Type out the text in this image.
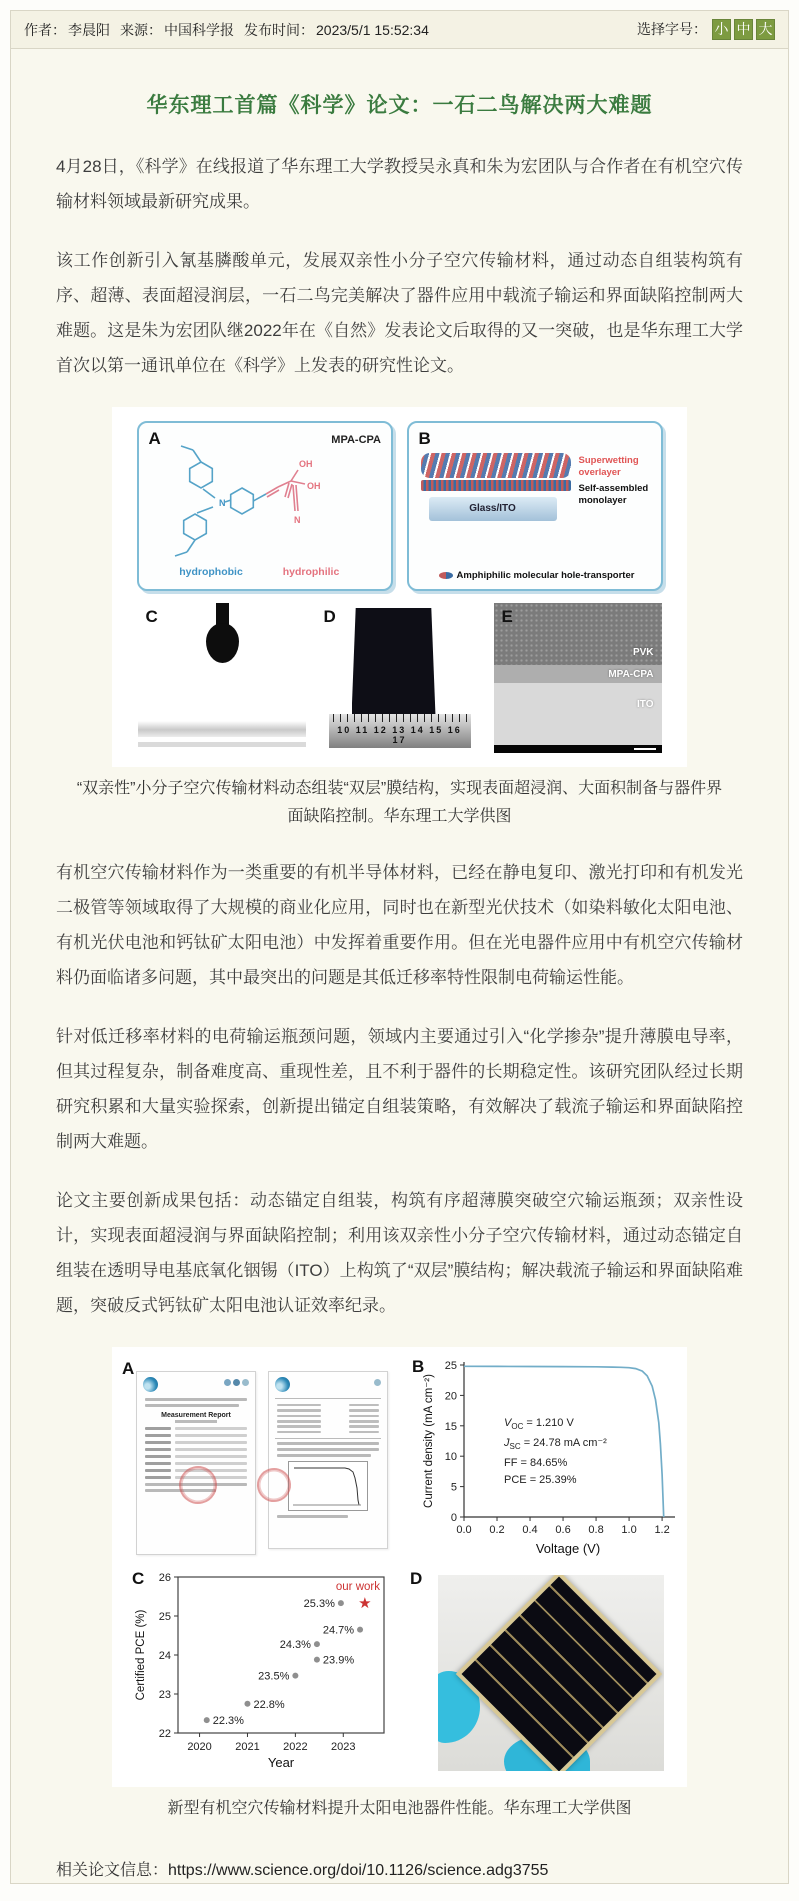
作者： 李晨阳 来源： 中国科学报 发布时间： 2023/5/1 15:52:34	选择字号： 小 中 大
华东理工首篇《科学》论文：一石二鸟解决两大难题

4月28日，《科学》在线报道了华东理工大学教授吴永真和朱为宏团队与合作者在有机空穴传输材料领域最新研究成果。

该工作创新引入氰基膦酸单元，发展双亲性小分子空穴传输材料，通过动态自组装构筑有序、超薄、表面超浸润层，一石二鸟完美解决了器件应用中载流子输运和界面缺陷控制两大难题。这是朱为宏团队继2022年在《自然》发表论文后取得的又一突破，也是华东理工大学首次以第一通讯单位在《科学》上发表的研究性论文。

A	MPA-CPA
N
OH
OH
N
hydrophobic	hydrophilic
B
Glass/ITO
Superwetting overlayer
Self-assembled monolayer
Amphiphilic molecular hole-transporter
C	D
10 11 12 13 14 15 16 17
E
PVK
MPA-CPA
ITO
“双亲性”小分子空穴传输材料动态组装“双层”膜结构，实现表面超浸润、大面积制备与器件界面缺陷控制。华东理工大学供图

有机空穴传输材料作为一类重要的有机半导体材料，已经在静电复印、激光打印和有机发光二极管等领域取得了大规模的商业化应用，同时也在新型光伏技术（如染料敏化太阳电池、有机光伏电池和钙钛矿太阳电池）中发挥着重要作用。但在光电器件应用中有机空穴传输材料仍面临诸多问题，其中最突出的问题是其低迁移率特性限制电荷输运性能。

针对低迁移率材料的电荷输运瓶颈问题，领域内主要通过引入“化学掺杂”提升薄膜电导率，但其过程复杂，制备难度高、重现性差，且不利于器件的长期稳定性。该研究团队经过长期研究积累和大量实验探索，创新提出锚定自组装策略，有效解决了载流子输运和界面缺陷控制两大难题。

论文主要创新成果包括：动态锚定自组装，构筑有序超薄膜突破空穴输运瓶颈；双亲性设计，实现表面超浸润与界面缺陷控制；利用该双亲性小分子空穴传输材料，通过动态锚定自组装在透明导电基底氧化铟锡（ITO）上构筑了“双层”膜结构；解决载流子输运和界面缺陷难题，突破反式钙钛矿太阳电池认证效率纪录。

A
Measurement Report
B
0.0 0.2 0.4 0.6 0.8 1.0 1.2
0
5
10
15
20
25
Voltage (V)
Current density (mA cm⁻²)	$V_{OC} = 1.210$ V
$J_{SC} = 24.78$ mA cm⁻²
FF = 84.65%
PCE = 25.39%
C
2020 2021 2022 2023
22
23
24
25
26
22.3%
22.8%
23.5%
23.9%
24.3%
24.7%
25.3% ★
our work
Year
Certified PCE (%)
D
新型有机空穴传输材料提升太阳电池器件性能。华东理工大学供图

相关论文信息：https://www.science.org/doi/10.1126/science.adg3755
